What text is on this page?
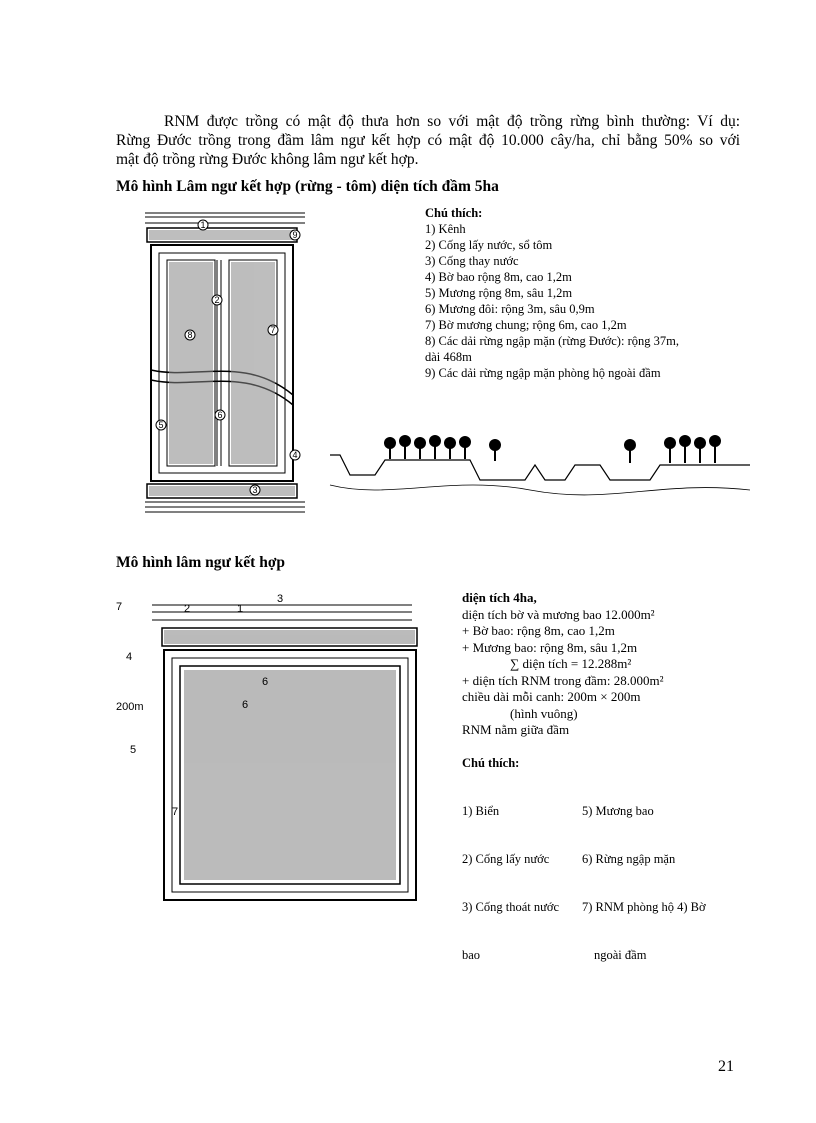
RNM được trồng có mật độ thưa hơn so với mật độ trồng rừng bình thường: Ví dụ:
Rừng Đước trồng trong đầm lâm ngư kết hợp có mật độ 10.000 cây/ha, chỉ bằng 50% so với
mật độ trồng rừng Đước không lâm ngư kết hợp.
Mô hình Lâm ngư kết hợp (rừng - tôm) diện tích đầm 5ha
1
2
3
4
5
6
7
8
9
Chú thích:
1) Kênh
2) Cống lấy nước, sổ tôm
3) Cống thay nước
4) Bờ bao rộng 8m, cao 1,2m
5) Mương rộng 8m, sâu 1,2m
6) Mương đôi: rộng 3m, sâu 0,9m
7) Bờ mương chung; rộng 6m, cao 1,2m
8) Các dải rừng ngập mặn (rừng Đước): rộng 37m,
dài 468m
9) Các dải rừng ngập mặn phòng hộ ngoài đầm
Mô hình lâm ngư kết hợp
7	2	1
3
4
200m
5
6
6
7
diện tích 4ha,
diện tích bờ và mương bao 12.000m²
+ Bờ bao: rộng 8m, cao 1,2m
+ Mương bao: rộng 8m, sâu 1,2m
∑ diện tích = 12.288m²
+ diện tích RNM trong đầm: 28.000m²
chiều dài mỗi canh: 200m × 200m
(hình vuông)
RNM nằm giữa đầm
Chú thích:

1) Biển

2) Cống lấy nước

3) Cống thoát nước

bao

5) Mương bao

6) Rừng ngập mặn

7) RNM phòng hộ 4) Bờ

ngoài đầm

21
